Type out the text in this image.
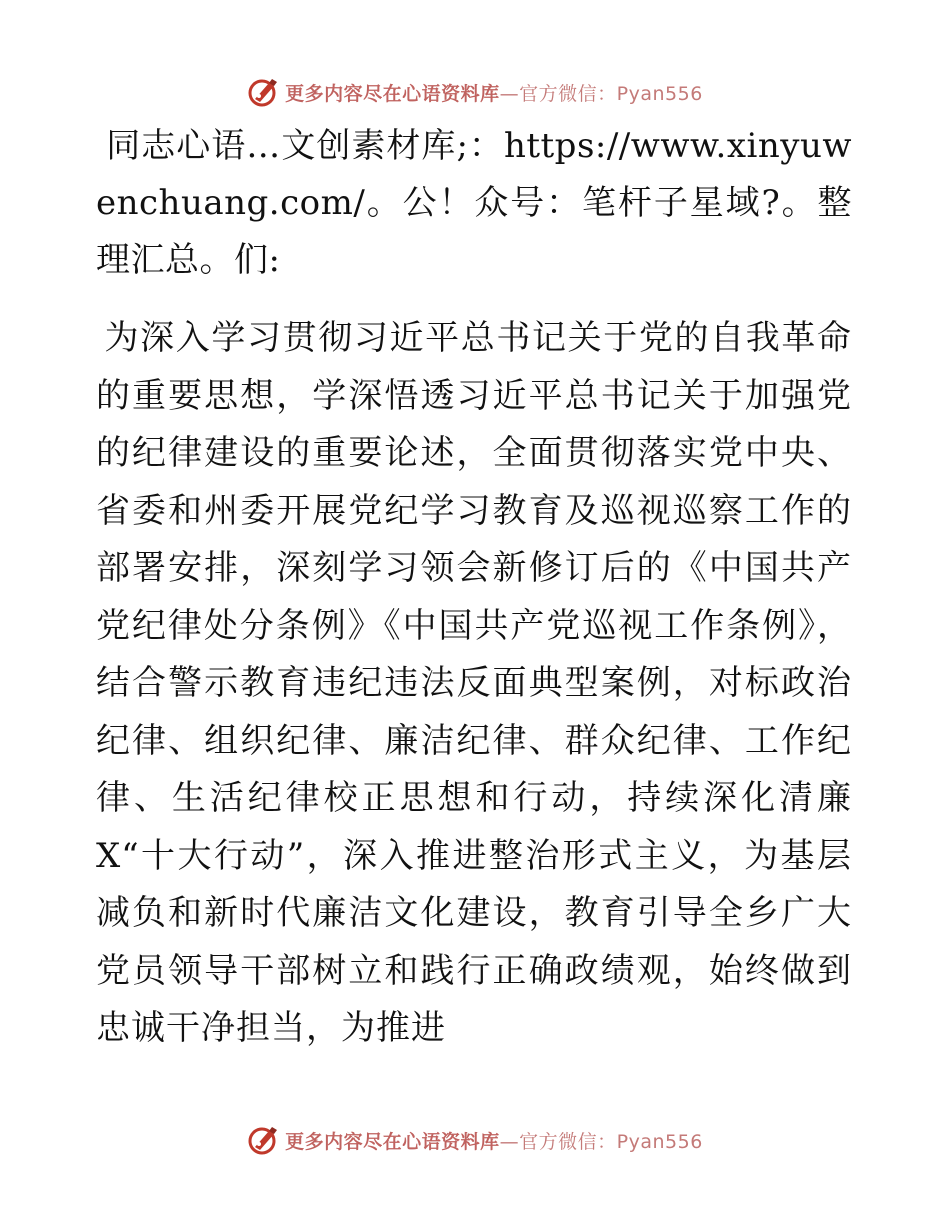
更多内容尽在心语资料库—官方微信：Pyan556

同志心语…文创素材库;：https://www.xinyuwenchuang.com/。公！众号：笔杆子星域?。整理汇总。们:

为深入学习贯彻习近平总书记关于党的自我革命的重要思想，学深悟透习近平总书记关于加强党的纪律建设的重要论述，全面贯彻落实党中央、省委和州委开展党纪学习教育及巡视巡察工作的部署安排，深刻学习领会新修订后的《中国共产党纪律处分条例》《中国共产党巡视工作条例》，结合警示教育违纪违法反面典型案例，对标政治纪律、组织纪律、廉洁纪律、群众纪律、工作纪律、生活纪律校正思想和行动，持续深化清廉X“十大行动”，深入推进整治形式主义，为基层减负和新时代廉洁文化建设，教育引导全乡广大党员领导干部树立和践行正确政绩观，始终做到忠诚干净担当，为推进

更多内容尽在心语资料库—官方微信：Pyan556
